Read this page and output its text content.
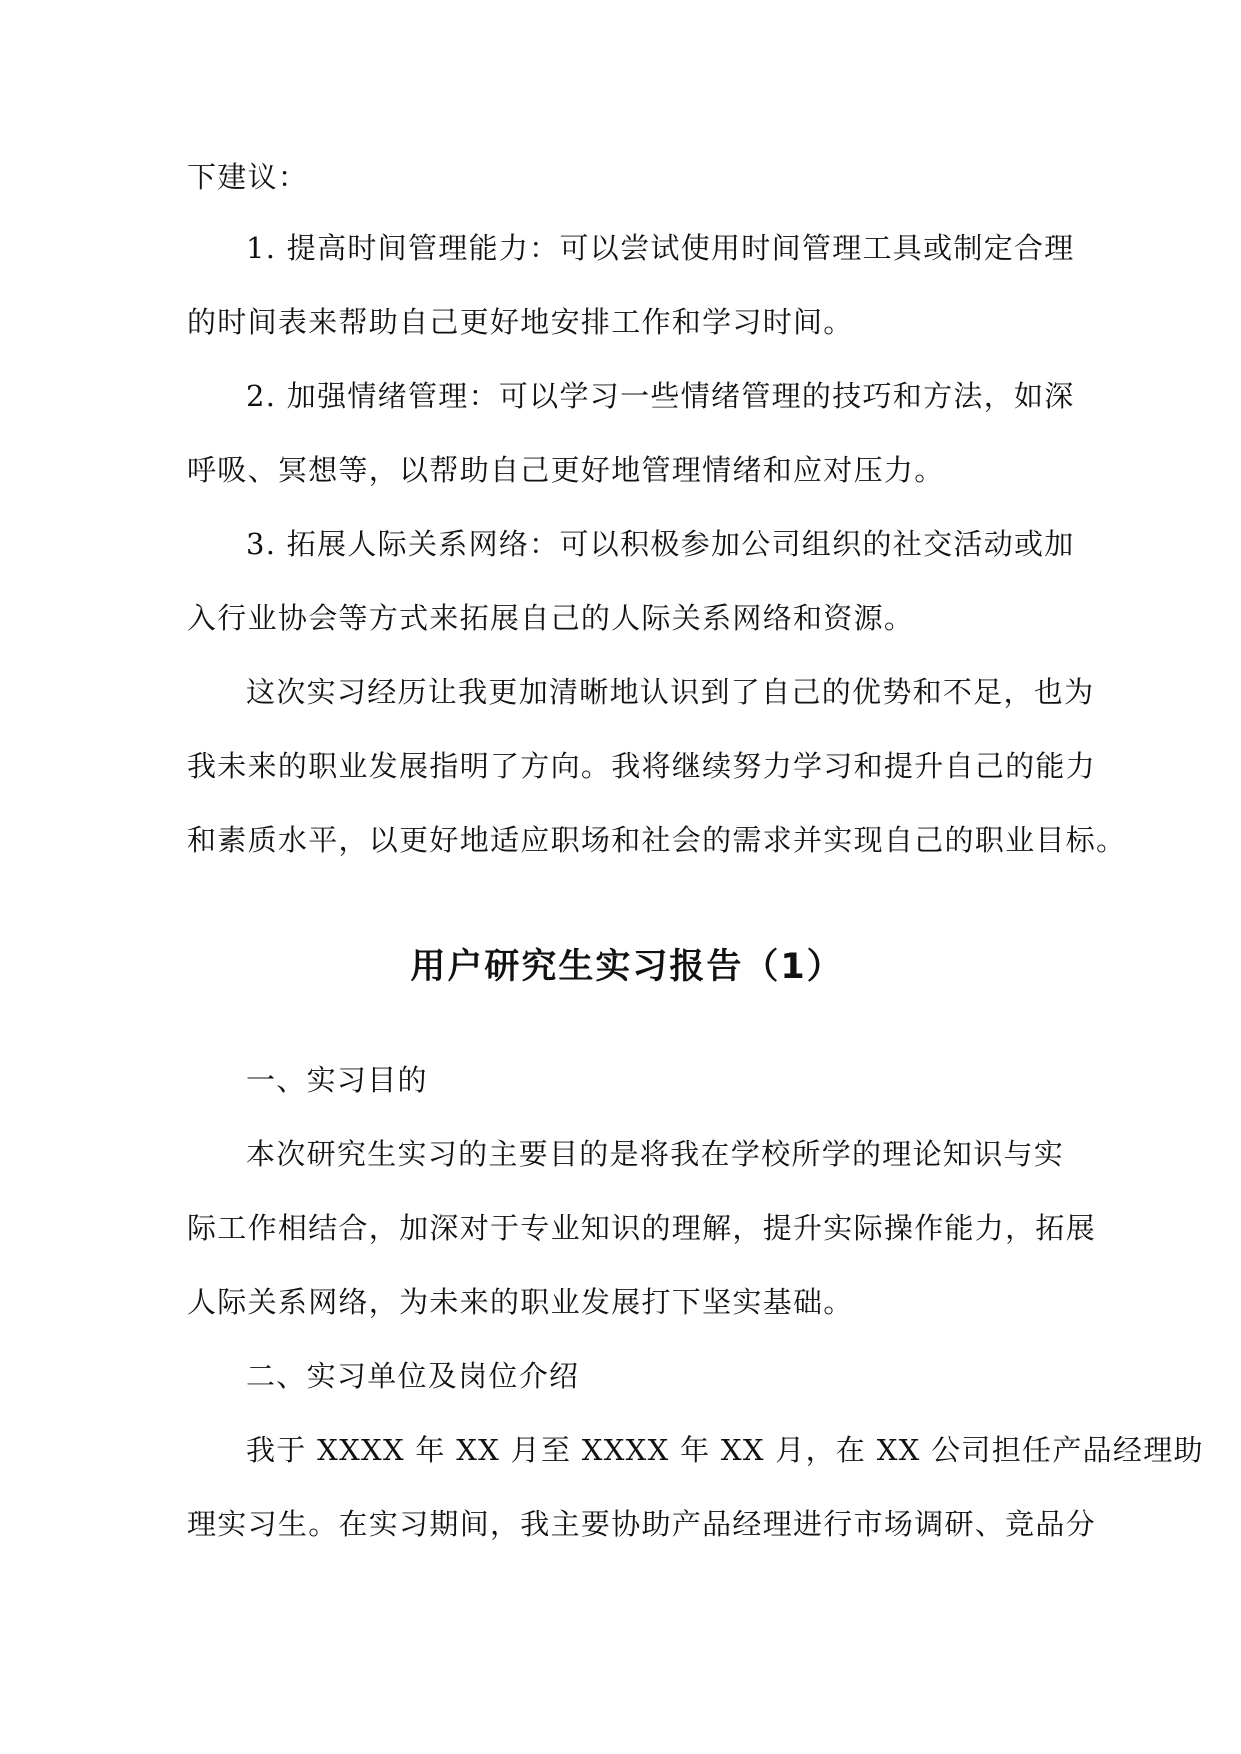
下建议：
1. 提高时间管理能力：可以尝试使用时间管理工具或制定合理
的时间表来帮助自己更好地安排工作和学习时间。
2. 加强情绪管理：可以学习一些情绪管理的技巧和方法，如深
呼吸、冥想等，以帮助自己更好地管理情绪和应对压力。
3. 拓展人际关系网络：可以积极参加公司组织的社交活动或加
入行业协会等方式来拓展自己的人际关系网络和资源。
这次实习经历让我更加清晰地认识到了自己的优势和不足，也为
我未来的职业发展指明了方向。我将继续努力学习和提升自己的能力
和素质水平，以更好地适应职场和社会的需求并实现自己的职业目标。
用户研究生实习报告（1）
一、实习目的
本次研究生实习的主要目的是将我在学校所学的理论知识与实
际工作相结合，加深对于专业知识的理解，提升实际操作能力，拓展
人际关系网络，为未来的职业发展打下坚实基础。
二、实习单位及岗位介绍
我于 XXXX 年 XX 月至 XXXX 年 XX 月，在 XX 公司担任产品经理助
理实习生。在实习期间，我主要协助产品经理进行市场调研、竞品分
